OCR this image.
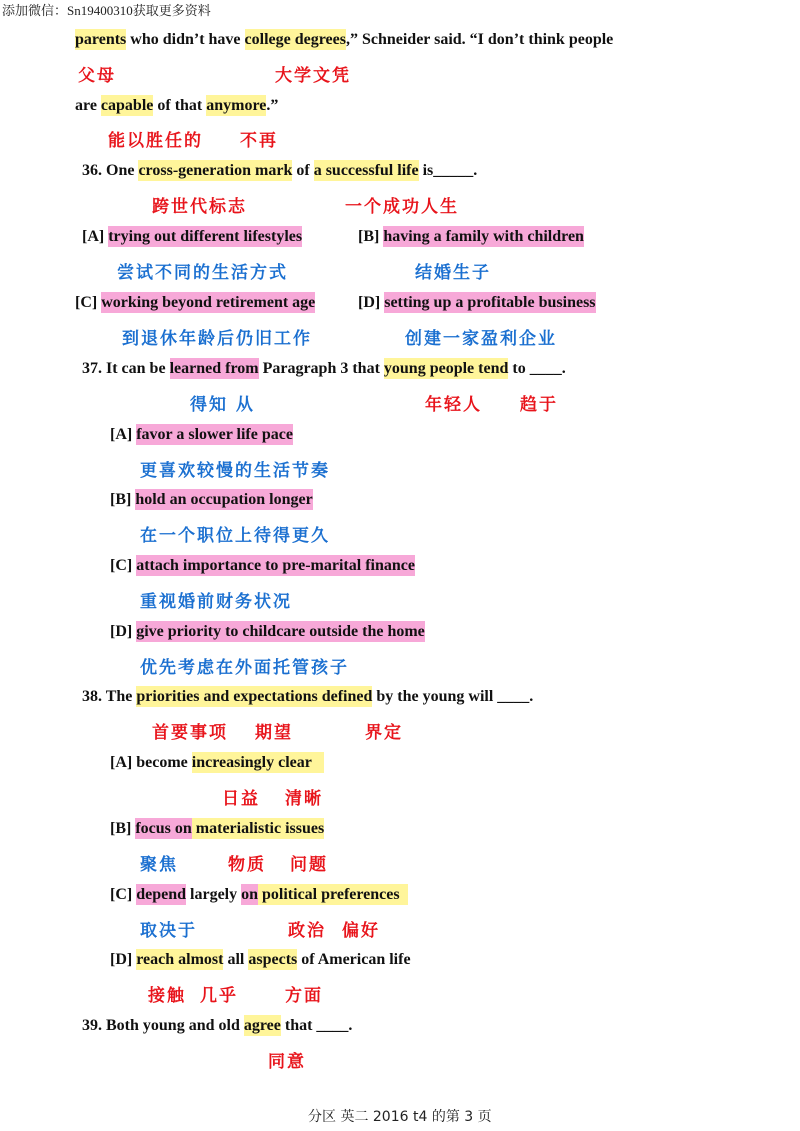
添加微信：Sn19400310获取更多资料
parents who didn’t have college degrees,” Schneider said. “I don’t think people
父母	大学文凭
are capable of that anymore.”
能以胜任的 不再
36. One cross-generation mark of a successful life is_____.
跨世代标志	一个成功人生
[A] trying out different lifestyles	[B] having a family with children
尝试不同的生活方式	结婚生子
[C] working beyond retirement age	[D] setting up a profitable business
到退休年龄后仍旧工作	创建一家盈利企业
37. It can be learned from Paragraph 3 that young people tend to ____.
得知 从	年轻人 趋于
[A] favor a slower life pace
更喜欢较慢的生活节奏
[B] hold an occupation longer
在一个职位上待得更久
[C] attach importance to pre-marital finance
重视婚前财务状况
[D] give priority to childcare outside the home
优先考虑在外面托管孩子
38. The priorities and expectations defined by the young will ____.
首要事项 期望	界定
[A] become increasingly clear
日益 清晰
[B] focus on materialistic issues
聚焦	物质 问题
[C] depend largely on political preferences
取决于	政治 偏好
[D] reach almost all aspects of American life
接触 几乎	方面
39. Both young and old agree that ____.
同意
分区 英二 2016 t4 的第 3 页
